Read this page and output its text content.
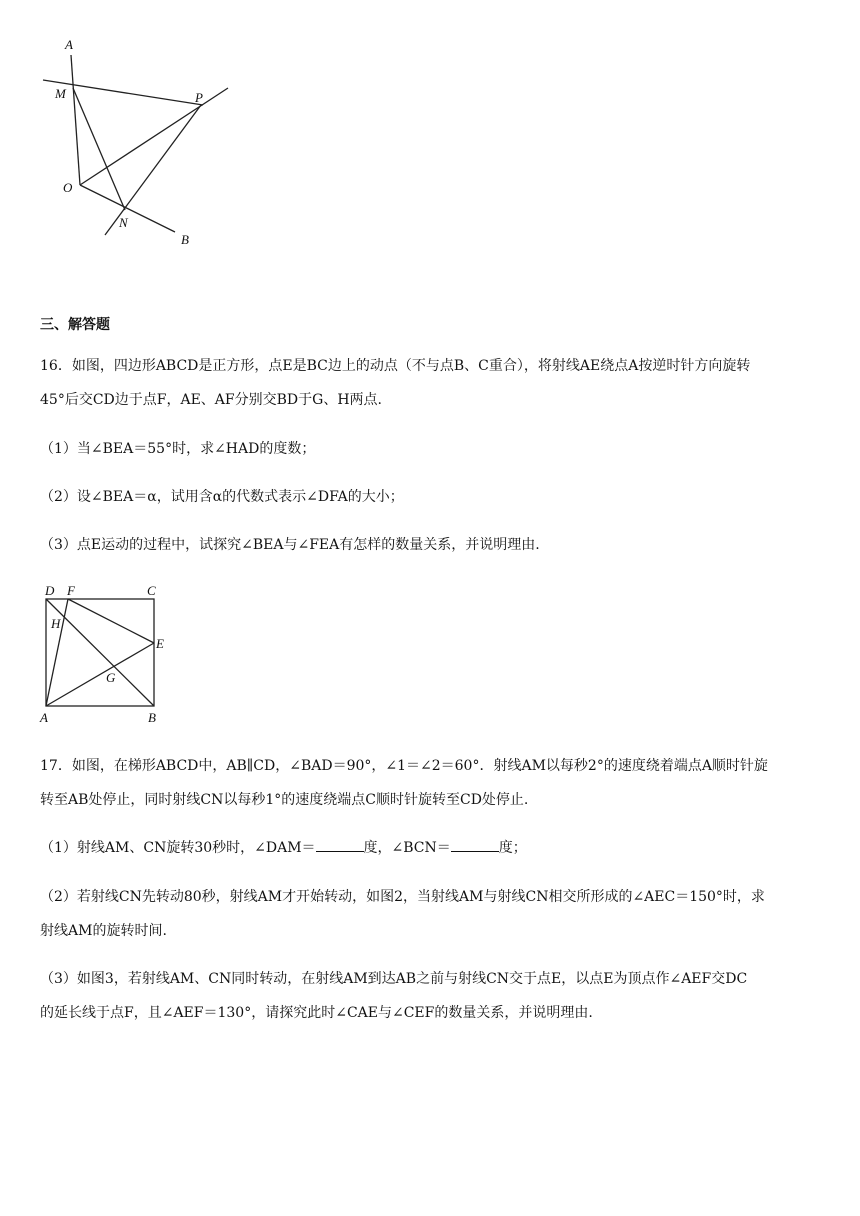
A
M	P
O
N
B
三、解答题
16．如图，四边形ABCD是正方形，点E是BC边上的动点（不与点B、C重合），将射线AE绕点A按逆时针方向旋转
45°后交CD边于点F，AE、AF分别交BD于G、H两点.
（1）当∠BEA＝55°时，求∠HAD的度数；
（2）设∠BEA＝α，试用含α的代数式表示∠DFA的大小；
（3）点E运动的过程中，试探究∠BEA与∠FEA有怎样的数量关系，并说明理由.
D F	C
H
E
G
A	B
17．如图，在梯形ABCD中，AB∥CD，∠BAD＝90°，∠1＝∠2＝60°．射线AM以每秒2°的速度绕着端点A顺时针旋
转至AB处停止，同时射线CN以每秒1°的速度绕端点C顺时针旋转至CD处停止.
（1）射线AM、CN旋转30秒时，∠DAM＝	度，∠BCN＝	度；
（2）若射线CN先转动80秒，射线AM才开始转动，如图2，当射线AM与射线CN相交所形成的∠AEC＝150°时，求
射线AM的旋转时间.
（3）如图3，若射线AM、CN同时转动，在射线AM到达AB之前与射线CN交于点E，以点E为顶点作∠AEF交DC
的延长线于点F，且∠AEF＝130°，请探究此时∠CAE与∠CEF的数量关系，并说明理由.
